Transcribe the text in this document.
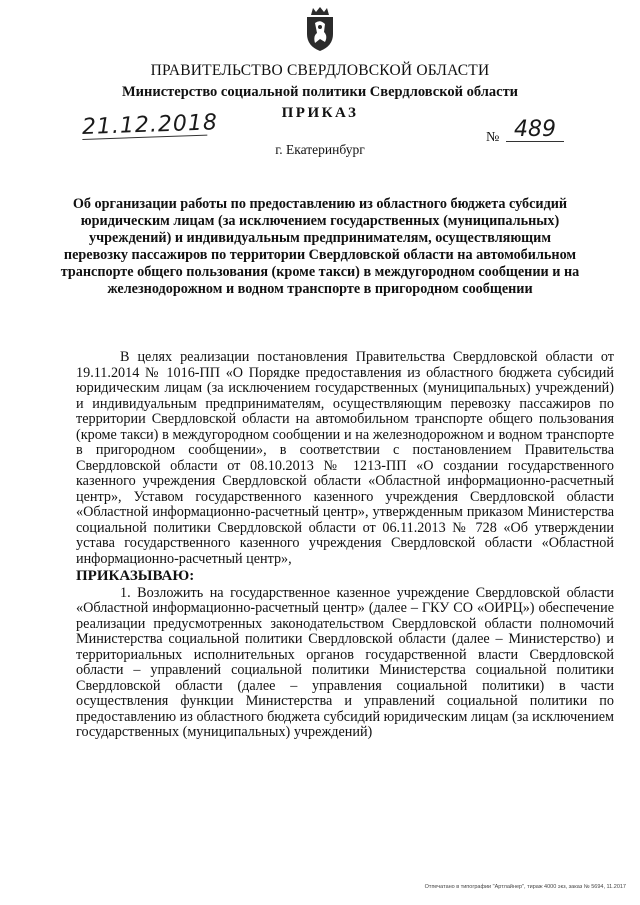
ПРАВИТЕЛЬСТВО СВЕРДЛОВСКОЙ ОБЛАСТИ
Министерство социальной политики Свердловской области
ПРИКАЗ
21.12.2018	№ 489
г. Екатеринбург
Об организации работы по предоставлению из областного бюджета субсидий юридическим лицам (за исключением государственных (муниципальных) учреждений) и индивидуальным предпринимателям, осуществляющим перевозку пассажиров по территории Свердловской области на автомобильном транспорте общего пользования (кроме такси) в междугородном сообщении и на железнодорожном и водном транспорте в пригородном сообщении

В целях реализации постановления Правительства Свердловской области от 19.11.2014 № 1016-ПП «О Порядке предоставления из областного бюджета субсидий юридическим лицам (за исключением государственных (муниципальных) учреждений) и индивидуальным предпринимателям, осуществляющим перевозку пассажиров по территории Свердловской области на автомобильном транспорте общего пользования (кроме такси) в междугородном сообщении и на железнодорожном и водном транспорте в пригородном сообщении», в соответствии с постановлением Правительства Свердловской области от 08.10.2013 № 1213-ПП «О создании государственного казенного учреждения Свердловской области «Областной информационно-расчетный центр», Уставом государственного казенного учреждения Свердловской области «Областной информационно-расчетный центр», утвержденным приказом Министерства социальной политики Свердловской области от 06.11.2013 № 728 «Об утверждении устава государственного казенного учреждения Свердловской области «Областной информационно-расчетный центр»,

ПРИКАЗЫВАЮ:

1. Возложить на государственное казенное учреждение Свердловской области «Областной информационно-расчетный центр» (далее – ГКУ СО «ОИРЦ») обеспечение реализации предусмотренных законодательством Свердловской области полномочий Министерства социальной политики Свердловской области (далее – Министерство) и территориальных исполнительных органов государственной власти Свердловской области – управлений социальной политики Министерства социальной политики Свердловской области (далее – управления социальной политики) в части осуществления функции Министерства и управлений социальной политики по предоставлению из областного бюджета субсидий юридическим лицам (за исключением государственных (муниципальных) учреждений)

Отпечатано в типографии "Артлайнер", тираж 4000 экз, заказ № 5694, 11.2017
